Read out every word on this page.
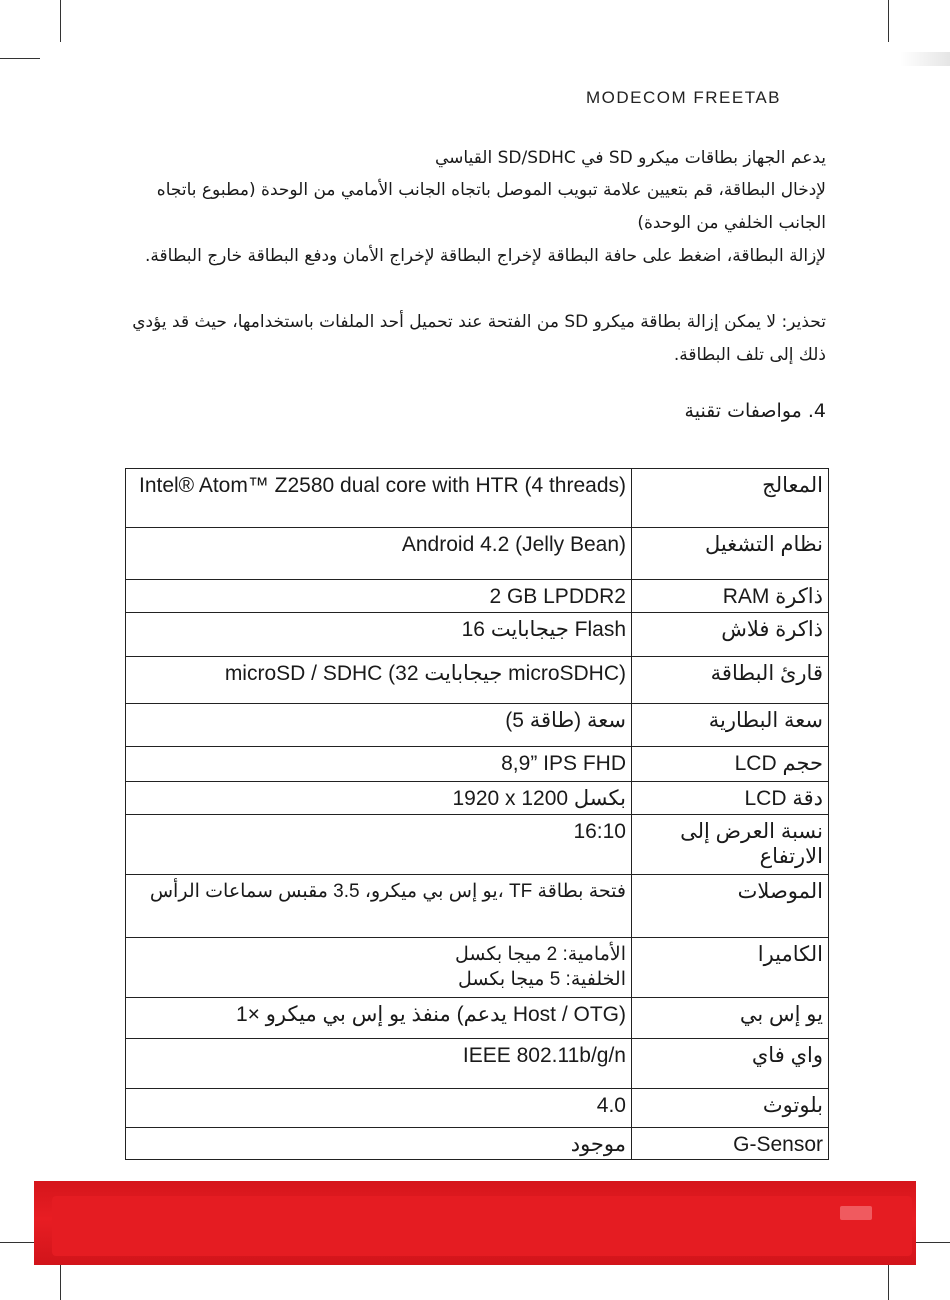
MODECOM FREETAB

يدعم الجهاز بطاقات ميكرو SD في SD/SDHC القياسي

لإدخال البطاقة، قم بتعيين علامة تبويب الموصل باتجاه الجانب الأمامي من الوحدة (مطبوع باتجاه الجانب الخلفي من الوحدة)

لإزالة البطاقة، اضغط على حافة البطاقة لإخراج البطاقة لإخراج الأمان ودفع البطاقة خارج البطاقة.

تحذير: لا يمكن إزالة بطاقة ميكرو SD من الفتحة عند تحميل أحد الملفات باستخدامها، حيث قد يؤدي ذلك إلى تلف البطاقة.

4. مواصفات تقنية
Intel® Atom™ Z2580 dual core with HTR (4 threads)	المعالج
Android 4.2 (Jelly Bean)	نظام التشغيل
2 GB LPDDR2	ذاكرة RAM
16 جيجابايت Flash	ذاكرة فلاش
microSD / SDHC (32 جيجابايت microSDHC)	قارئ البطاقة
(5 طاقة) سعة	سعة البطارية
8,9” IPS FHD	حجم LCD
1920 x 1200 بكسل	دقة LCD
16:10	نسبة العرض إلى الارتفاع
يو إس بي ميكرو، 3.5 مقبس سماعات الرأس، TF فتحة بطاقة	الموصلات
الأمامية: 2 ميجا بكسل
الخلفية: 5 ميجا بكسل	الكاميرا
1× منفذ يو إس بي ميكرو (يدعم Host / OTG)	يو إس بي
IEEE 802.11b/g/n	واي فاي
4.0	بلوتوث
موجود	G-Sensor
